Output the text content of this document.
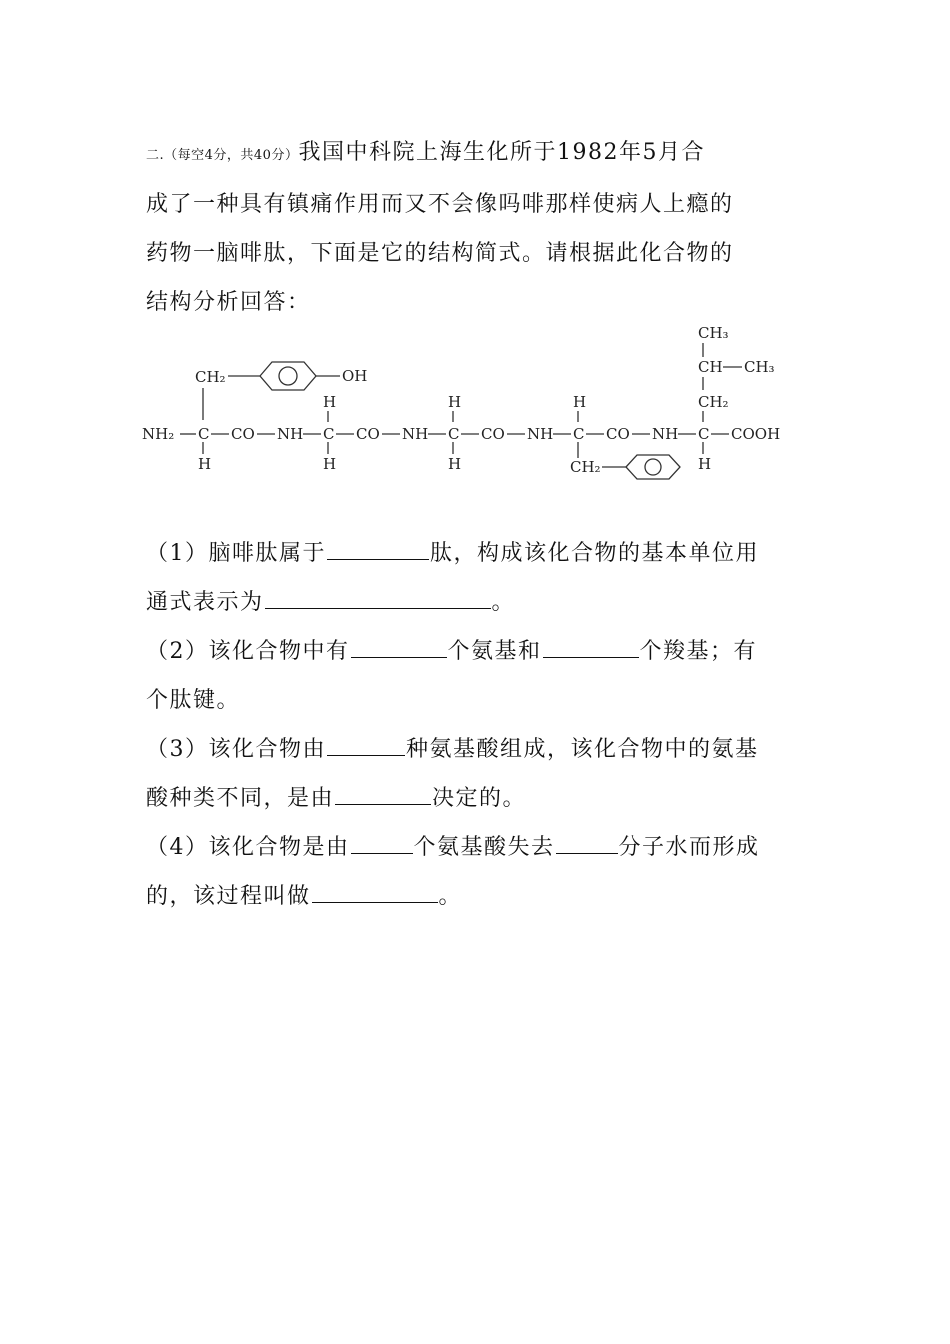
二.（每空4分，共40分）我国中科院上海生化所于1982年5月合
成了一种具有镇痛作用而又不会像吗啡那样使病人上瘾的
药物一脑啡肽，下面是它的结构简式。请根据此化合物的
结构分析回答：

（1）脑啡肽属于	肽，构成该化合物的基本单位用
通式表示为	。

（2）该化合物中有	个氨基和	个羧基；有
个肽键。

（3）该化合物由	种氨基酸组成，该化合物中的氨基
酸种类不同，是由	决定的。

（4）该化合物是由	个氨基酸失去	分子水而形成
的，该过程叫做	。

NH₂ C CO NH C CO NH C CO NH C CO NH C COOH
CH₂	OH
H
H
H
H
H
H
CH₂
CH₃
CH CH₃
CH₂
H
